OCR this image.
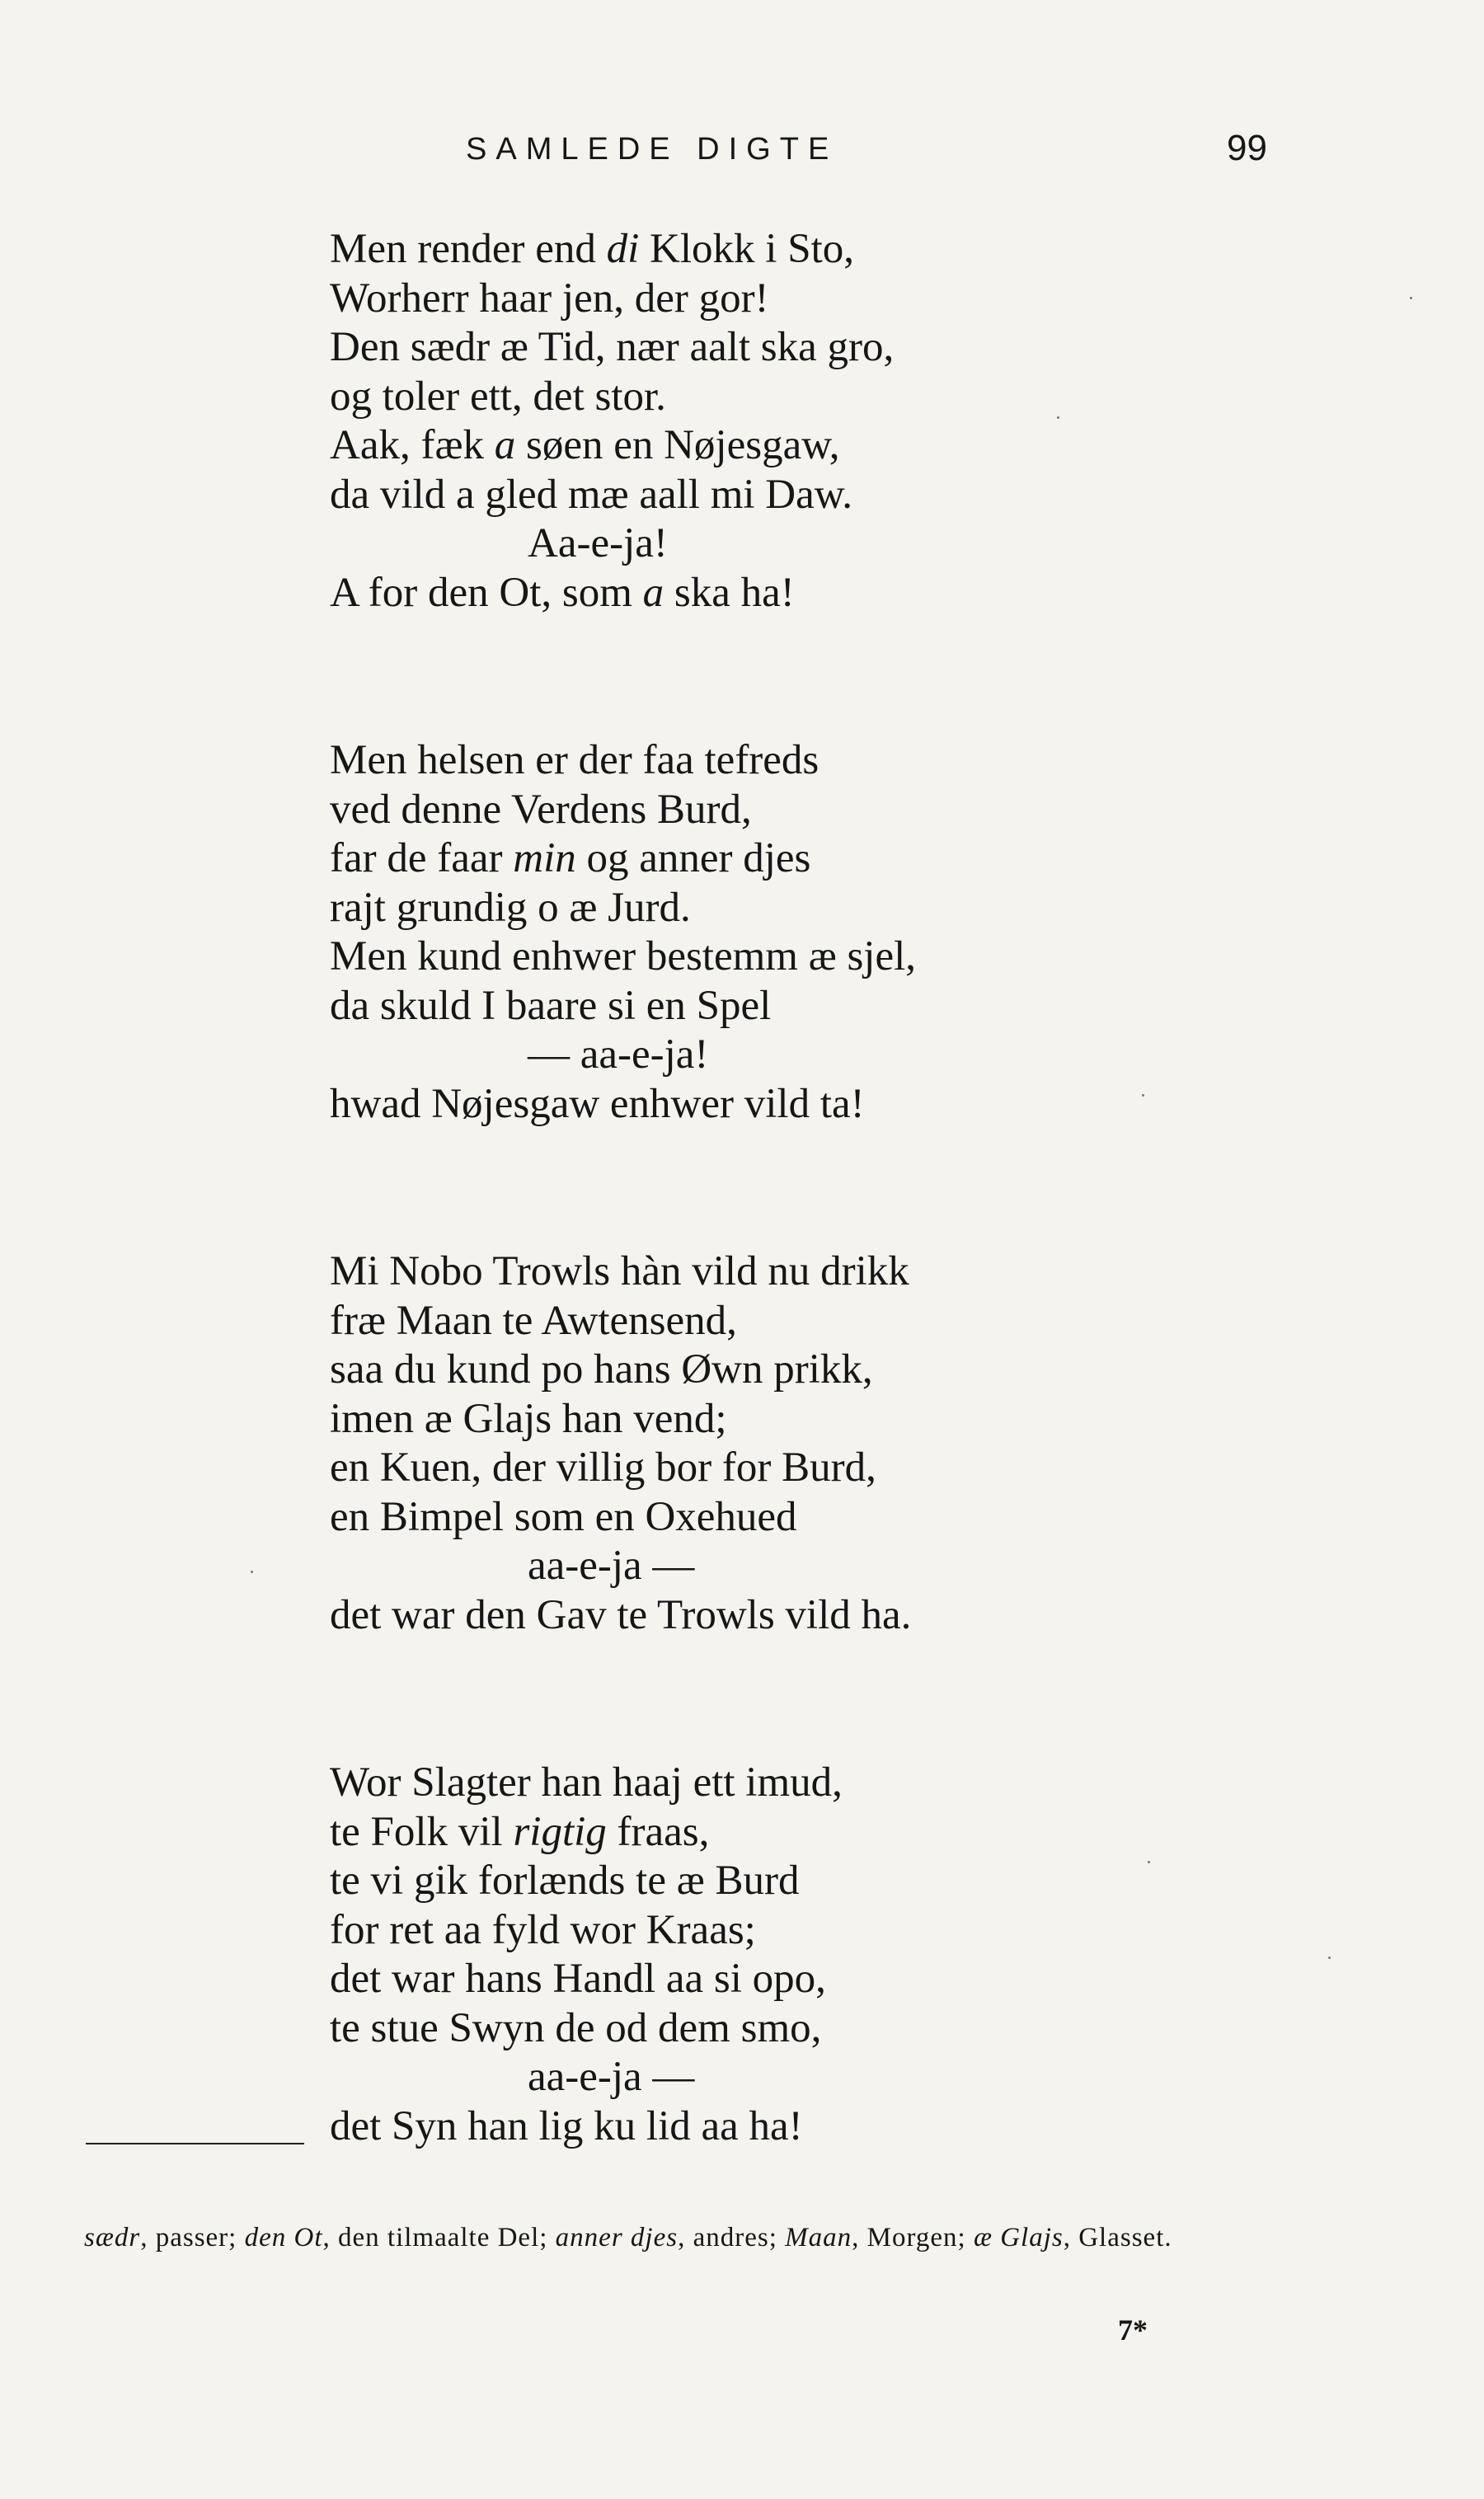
SAMLEDE DIGTE	99
Men render end di Klokk i Sto,
Worherr haar jen, der gor!
Den sædr æ Tid, nær aalt ska gro,
og toler ett, det stor.
Aak, fæk a søen en Nøjesgaw,
da vild a gled mæ aall mi Daw.
Aa-e-ja!
A for den Ot, som a ska ha!
Men helsen er der faa tefreds
ved denne Verdens Burd,
far de faar min og anner djes
rajt grundig o æ Jurd.
Men kund enhwer bestemm æ sjel,
da skuld I baare si en Spel
— aa-e-ja!
hwad Nøjesgaw enhwer vild ta!
Mi Nobo Trowls hàn vild nu drikk
fræ Maan te Awtensend,
saa du kund po hans Øwn prikk,
imen æ Glajs han vend;
en Kuen, der villig bor for Burd,
en Bimpel som en Oxehued
aa-e-ja —
det war den Gav te Trowls vild ha.
Wor Slagter han haaj ett imud,
te Folk vil rigtig fraas,
te vi gik forlænds te æ Burd
for ret aa fyld wor Kraas;
det war hans Handl aa si opo,
te stue Swyn de od dem smo,
aa-e-ja —
det Syn han lig ku lid aa ha!
sædr, passer; den Ot, den tilmaalte Del; anner djes, andres; Maan, Morgen; æ Glajs, Glasset.
7*
